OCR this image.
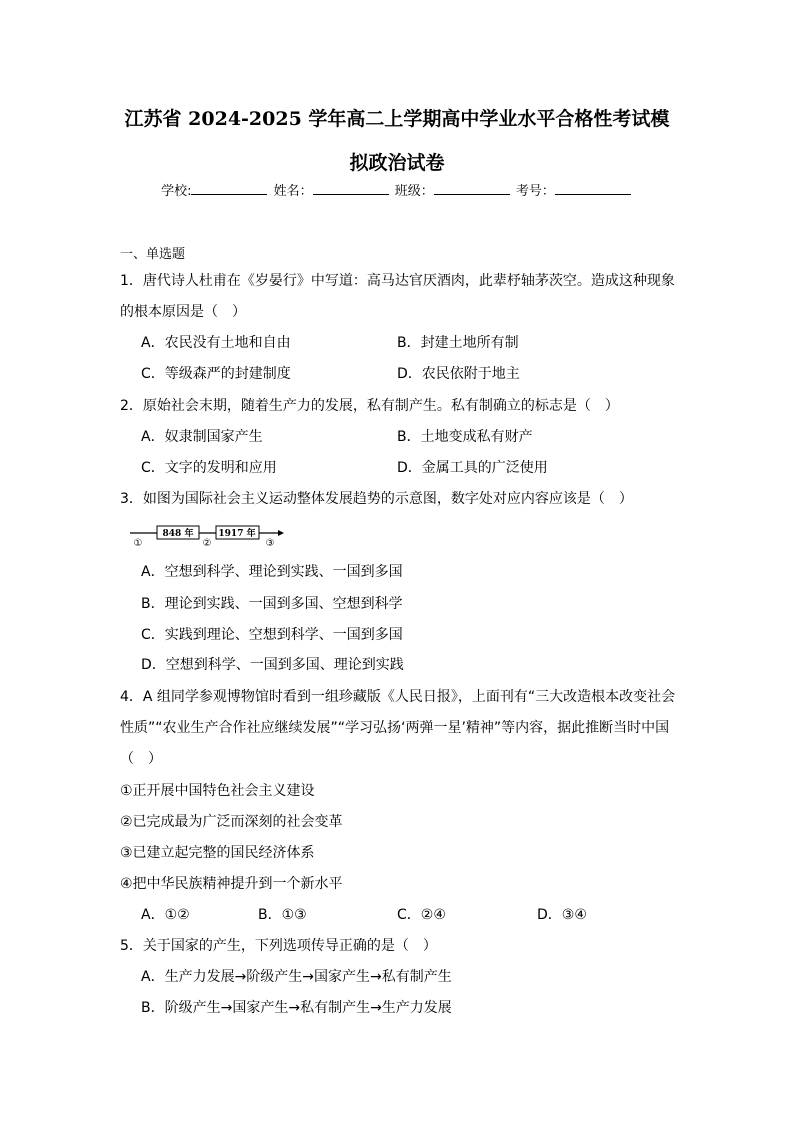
江苏省 2024-2025 学年高二上学期高中学业水平合格性考试模
拟政治试卷
学校:	姓名：	班级：	考号：
一、单选题
1．唐代诗人杜甫在《岁晏行》中写道：高马达官厌酒肉，此辈杼轴茅茨空。造成这种现象
的根本原因是（　）
A．农民没有土地和自由	B．封建土地所有制
C．等级森严的封建制度	D．农民依附于地主
2．原始社会末期，随着生产力的发展，私有制产生。私有制确立的标志是（　）
A．奴隶制国家产生	B．土地变成私有财产
C．文字的发明和应用	D．金属工具的广泛使用
3．如图为国际社会主义运动整体发展趋势的示意图，数字处对应内容应该是（　）
848 年	1917 年
①	②	③
A．空想到科学、理论到实践、一国到多国
B．理论到实践、一国到多国、空想到科学
C．实践到理论、空想到科学、一国到多国
D．空想到科学、一国到多国、理论到实践
4．A 组同学参观博物馆时看到一组珍藏版《人民日报》，上面刊有“三大改造根本改变社会
性质”“农业生产合作社应继续发展”“学习弘扬‘两弹一星’精神”等内容，据此推断当时中国
（　）
①正开展中国特色社会主义建设
②已完成最为广泛而深刻的社会变革
③已建立起完整的国民经济体系
④把中华民族精神提升到一个新水平
A．①②	B．①③	C．②④	D．③④
5．关于国家的产生，下列选项传导正确的是（　）
A．生产力发展→阶级产生→国家产生→私有制产生
B．阶级产生→国家产生→私有制产生→生产力发展
